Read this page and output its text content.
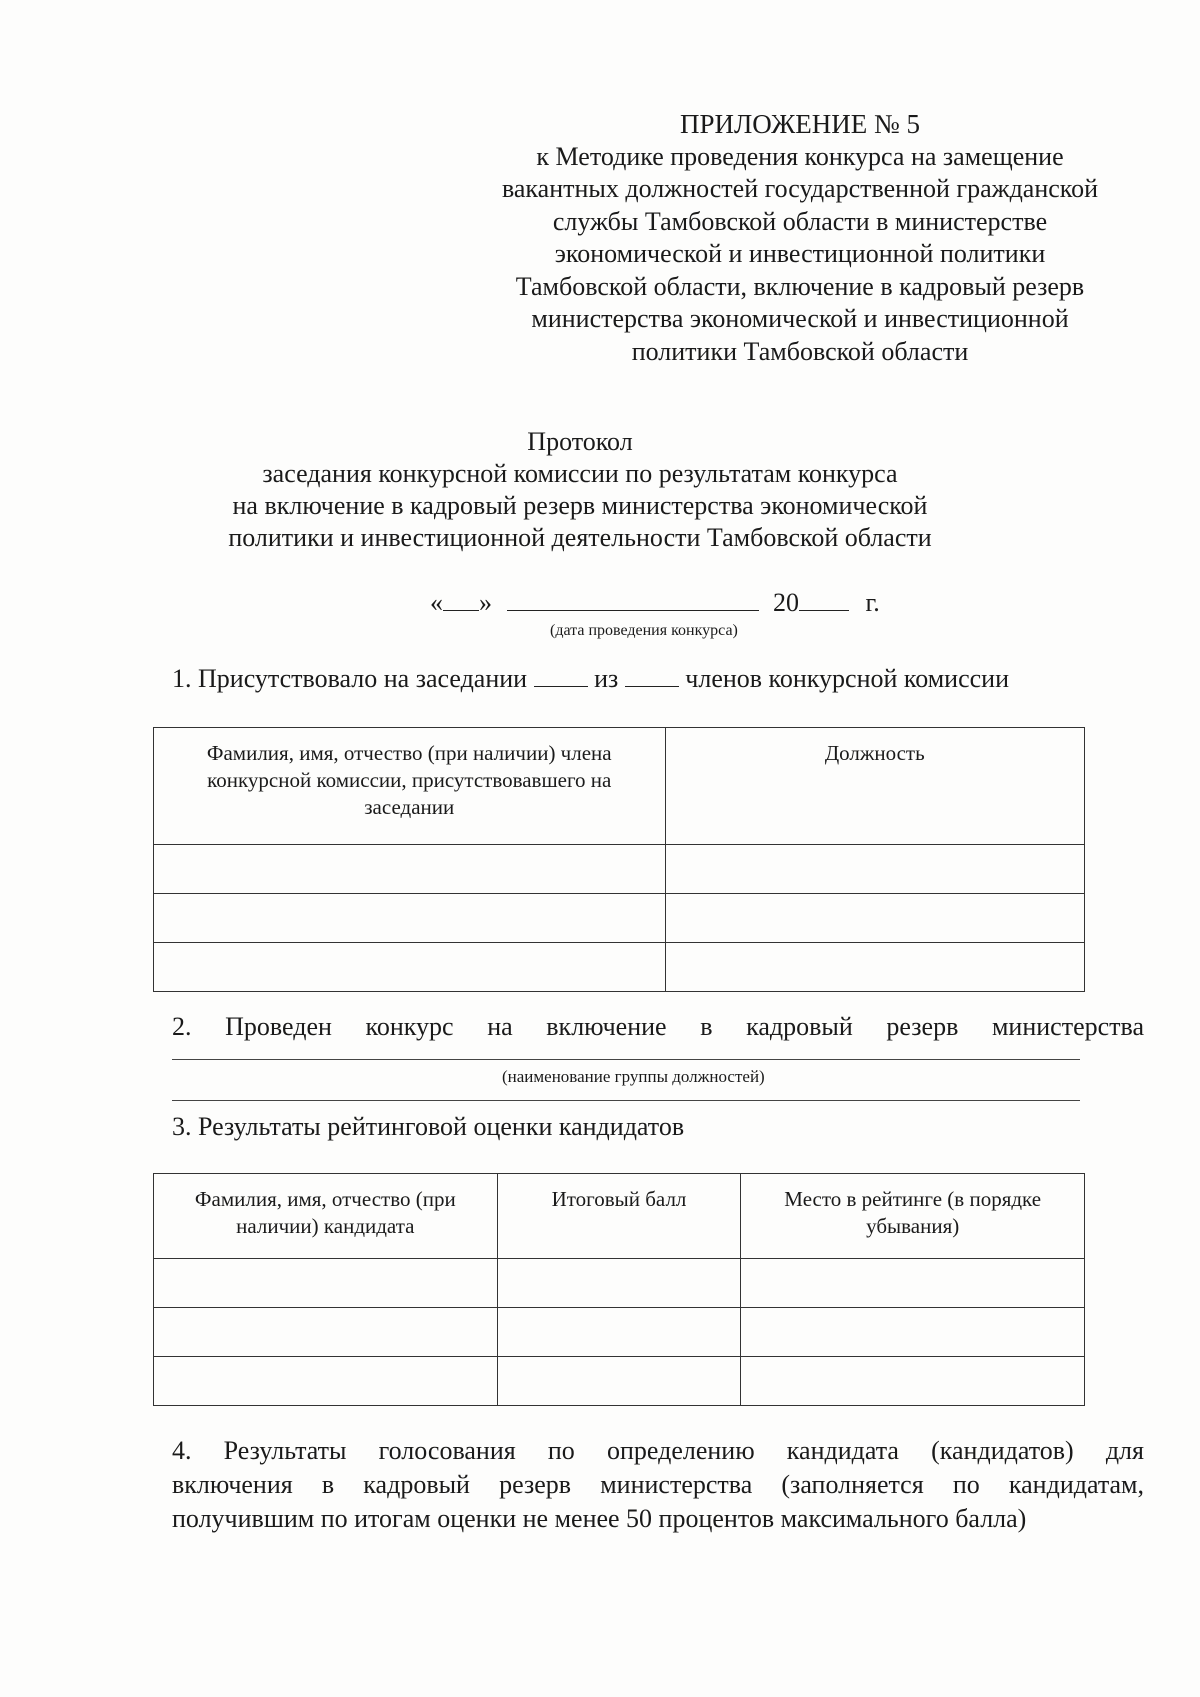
ПРИЛОЖЕНИЕ № 5
к Методике проведения конкурса на замещение
вакантных должностей государственной гражданской
службы Тамбовской области в министерстве
экономической и инвестиционной политики
Тамбовской области, включение в кадровый резерв
министерства экономической и инвестиционной
политики Тамбовской области
Протокол
заседания конкурсной комиссии по результатам конкурса
на включение в кадровый резерв министерства экономической
политики и инвестиционной деятельности Тамбовской области
« »	20	г.
(дата проведения конкурса)
1. Присутствовало на заседании	из	членов конкурсной комиссии
Фамилия, имя, отчество (при наличии) члена конкурсной комиссии, присутствовавшего на заседании	Должность

2. Проведен конкурс на включение в кадровый резерв министерства
(наименование группы должностей)
3. Результаты рейтинговой оценки кандидатов
Фамилия, имя, отчество (при наличии) кандидата	Итоговый балл	Место в рейтинге (в порядке убывания)

4. Результаты голосования по определению кандидата (кандидатов) для
включения в кадровый резерв министерства (заполняется по кандидатам,
получившим по итогам оценки не менее 50 процентов максимального балла)
